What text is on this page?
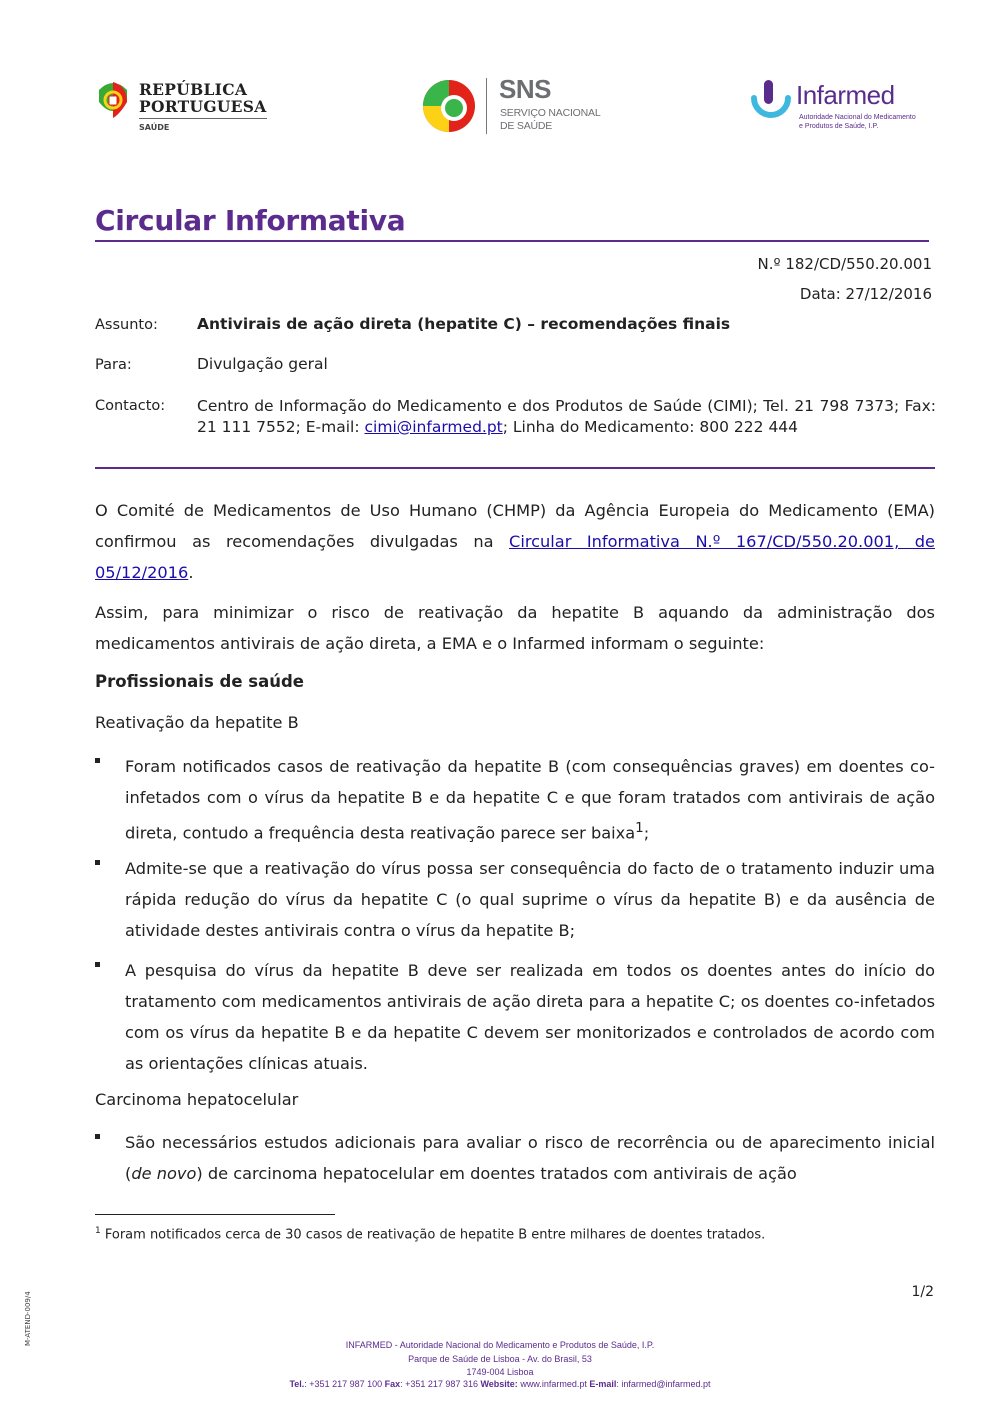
REPÚBLICA
PORTUGUESA
SAÚDE
SNS
SERVIÇO NACIONAL
DE SAÚDE
Infarmed
Autoridade Nacional do Medicamento
e Produtos de Saúde, I.P.
Circular Informativa
N.º 182/CD/550.20.001
Data: 27/12/2016
Assunto:	Antivirais de ação direta (hepatite C) – recomendações finais
Para:	Divulgação geral
Contacto: Centro de Informação do Medicamento e dos Produtos de Saúde (CIMI); Tel. 21 798 7373; Fax: 21 111 7552; E-mail: cimi@infarmed.pt; Linha do Medicamento: 800 222 444
O Comité de Medicamentos de Uso Humano (CHMP) da Agência Europeia do Medicamento (EMA) confirmou as recomendações divulgadas na Circular Informativa N.º 167/CD/550.20.001, de 05/12/2016.
Assim, para minimizar o risco de reativação da hepatite B aquando da administração dos medicamentos antivirais de ação direta, a EMA e o Infarmed informam o seguinte:
Profissionais de saúde
Reativação da hepatite B
Foram notificados casos de reativação da hepatite B (com consequências graves) em doentes co-infetados com o vírus da hepatite B e da hepatite C e que foram tratados com antivirais de ação direta, contudo a frequência desta reativação parece ser baixa$^1$;
Admite-se que a reativação do vírus possa ser consequência do facto de o tratamento induzir uma rápida redução do vírus da hepatite C (o qual suprime o vírus da hepatite B) e da ausência de atividade destes antivirais contra o vírus da hepatite B;
A pesquisa do vírus da hepatite B deve ser realizada em todos os doentes antes do início do tratamento com medicamentos antivirais de ação direta para a hepatite C; os doentes co-infetados com os vírus da hepatite B e da hepatite C devem ser monitorizados e controlados de acordo com as orientações clínicas atuais.
Carcinoma hepatocelular
São necessários estudos adicionais para avaliar o risco de recorrência ou de aparecimento inicial (de novo) de carcinoma hepatocelular em doentes tratados com antivirais de ação
$^1$ Foram notificados cerca de 30 casos de reativação de hepatite B entre milhares de doentes tratados.
1/2
M-ATEND-009/4	INFARMED - Autoridade Nacional do Medicamento e Produtos de Saúde, I.P.
Parque de Saúde de Lisboa - Av. do Brasil, 53
1749-004 Lisboa
Tel.: +351 217 987 100 Fax: +351 217 987 316 Website: www.infarmed.pt E-mail: infarmed@infarmed.pt
